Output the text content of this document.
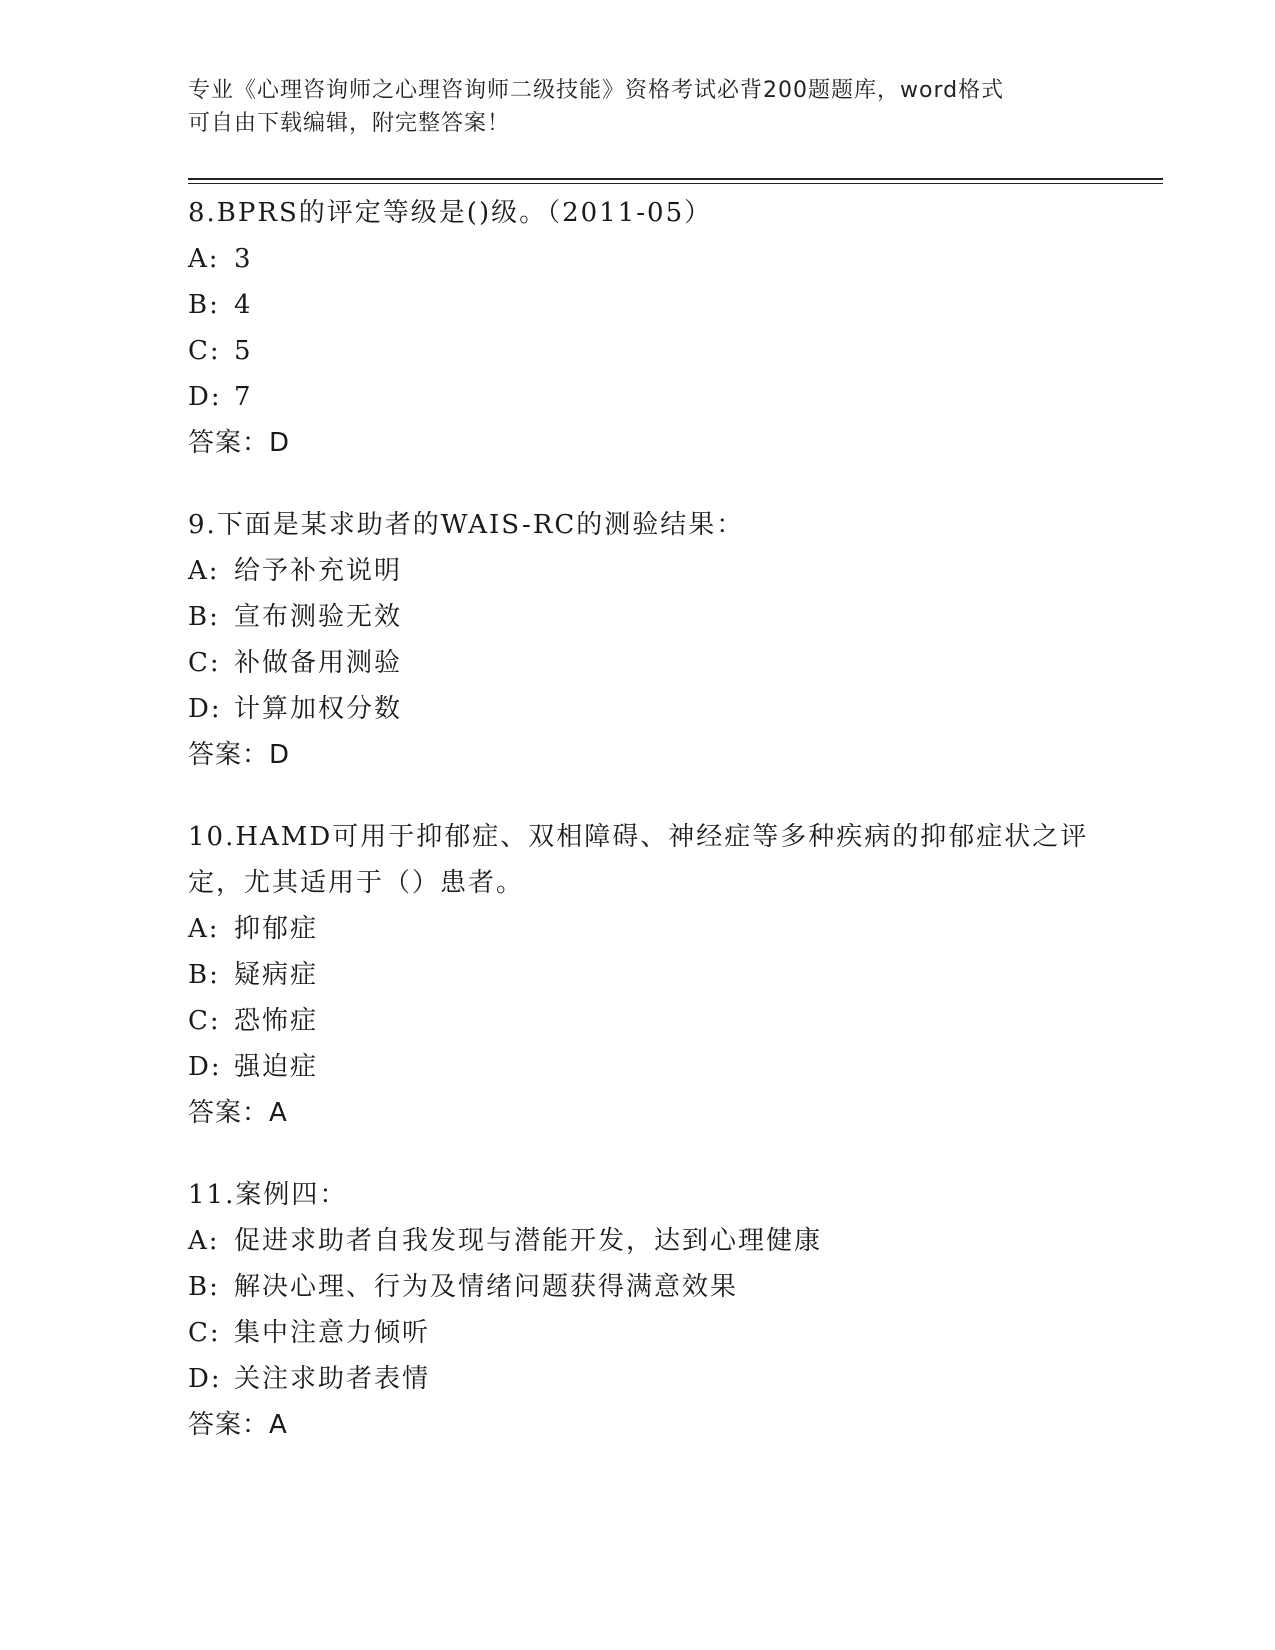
专业《心理咨询师之心理咨询师二级技能》资格考试必背200题题库，word格式
可自由下载编辑，附完整答案！
8.BPRS的评定等级是()级。（2011-05）
A: 3
B: 4
C: 5
D: 7
答案：D
9.下面是某求助者的WAIS-RC的测验结果：
A: 给予补充说明
B: 宣布测验无效
C: 补做备用测验
D: 计算加权分数
答案：D
10.HAMD可用于抑郁症、双相障碍、神经症等多种疾病的抑郁症状之评定，尤其适用于（）患者。
A: 抑郁症
B: 疑病症
C: 恐怖症
D: 强迫症
答案：A
11.案例四：
A: 促进求助者自我发现与潜能开发，达到心理健康
B: 解决心理、行为及情绪问题获得满意效果
C: 集中注意力倾听
D: 关注求助者表情
答案：A
